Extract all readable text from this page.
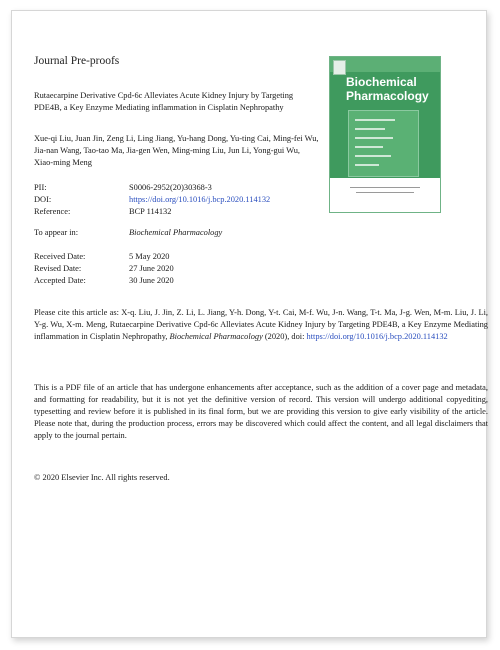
Journal Pre-proofs
Rutaecarpine Derivative Cpd-6c Alleviates Acute Kidney Injury by Targeting PDE4B, a Key Enzyme Mediating inflammation in Cisplatin Nephropathy
Xue-qi Liu, Juan Jin, Zeng Li, Ling Jiang, Yu-hang Dong, Yu-ting Cai, Ming-fei Wu, Jia-nan Wang, Tao-tao Ma, Jia-gen Wen, Ming-ming Liu, Jun Li, Yong-gui Wu, Xiao-ming Meng
PII:	S0006-2952(20)30368-3
DOI:	https://doi.org/10.1016/j.bcp.2020.114132
Reference:	BCP 114132
To appear in:	Biochemical Pharmacology
Received Date:	5 May 2020
Revised Date:	27 June 2020
Accepted Date:	30 June 2020
Please cite this article as: X-q. Liu, J. Jin, Z. Li, L. Jiang, Y-h. Dong, Y-t. Cai, M-f. Wu, J-n. Wang, T-t. Ma, J-g. Wen, M-m. Liu, J. Li, Y-g. Wu, X-m. Meng, Rutaecarpine Derivative Cpd-6c Alleviates Acute Kidney Injury by Targeting PDE4B, a Key Enzyme Mediating inflammation in Cisplatin Nephropathy, Biochemical Pharmacology (2020), doi: https://doi.org/10.1016/j.bcp.2020.114132
This is a PDF file of an article that has undergone enhancements after acceptance, such as the addition of a cover page and metadata, and formatting for readability, but it is not yet the definitive version of record. This version will undergo additional copyediting, typesetting and review before it is published in its final form, but we are providing this version to give early visibility of the article. Please note that, during the production process, errors may be discovered which could affect the content, and all legal disclaimers that apply to the journal pertain.
© 2020 Elsevier Inc. All rights reserved.
Biochemical
Pharmacology
